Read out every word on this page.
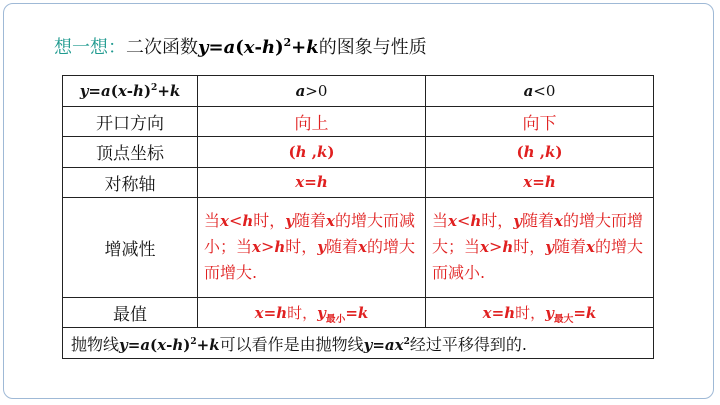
想一想： 二次函数 $y=a(x-h)^2+k$ 的图象与性质
$y=a(x-h)^2+k$	a>0	a<0
开口方向	向上	向下
顶点坐标	(h ,k)	(h ,k)
对称轴	x=h	x=h
增减性	当x<h时，y随着x的增大而减小；当x>h时，y随着x的增大而增大.	当x<h时，y随着x的增大而增大；当x>h时，y随着x的增大而减小.
最值	x=h时，$y_{最小}=k$	x=h时，$y_{最大}=k$
抛物线$y=a(x-h)^2+k$可以看作是由抛物线$y=ax^2$经过平移得到的.		
